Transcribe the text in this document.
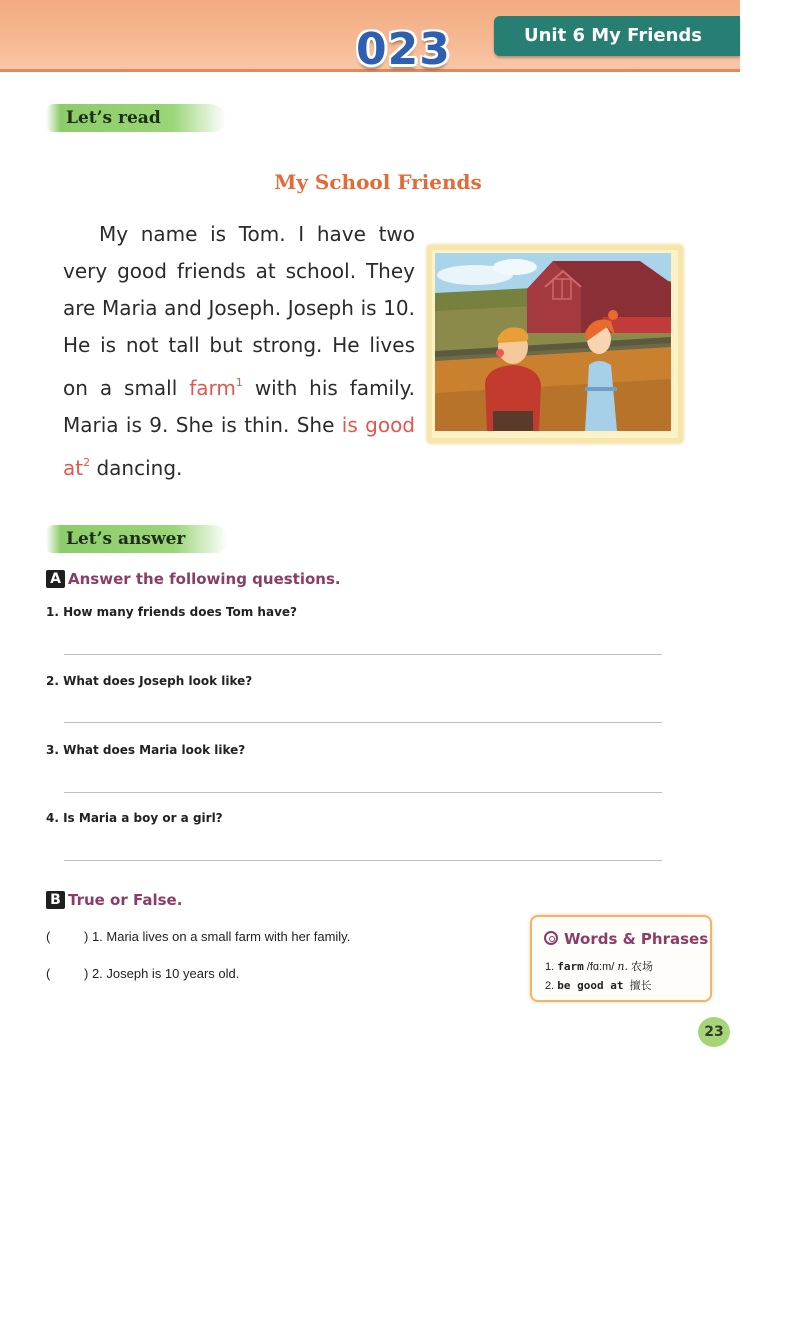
023	Unit 6 My Friends
Let’s read
My School Friends
My name is Tom. I have two very good friends at school. They are Maria and Joseph. Joseph is 10. He is not tall but strong. He lives on a small farm$^1$ with his family. Maria is 9. She is thin. She is good $at^2$ dancing.
Let’s answer
A Answer the following questions.
1. How many friends does Tom have?
2. What does Joseph look like?
3. What does Maria look like?
4. Is Maria a boy or a girl?
B True or False.
(	) 1. Maria lives on a small farm with her family.
(	) 2. Joseph is 10 years old.
Words & Phrases
1. farm /fɑ:m/ n. 农场
2. be good at 擅长
23
